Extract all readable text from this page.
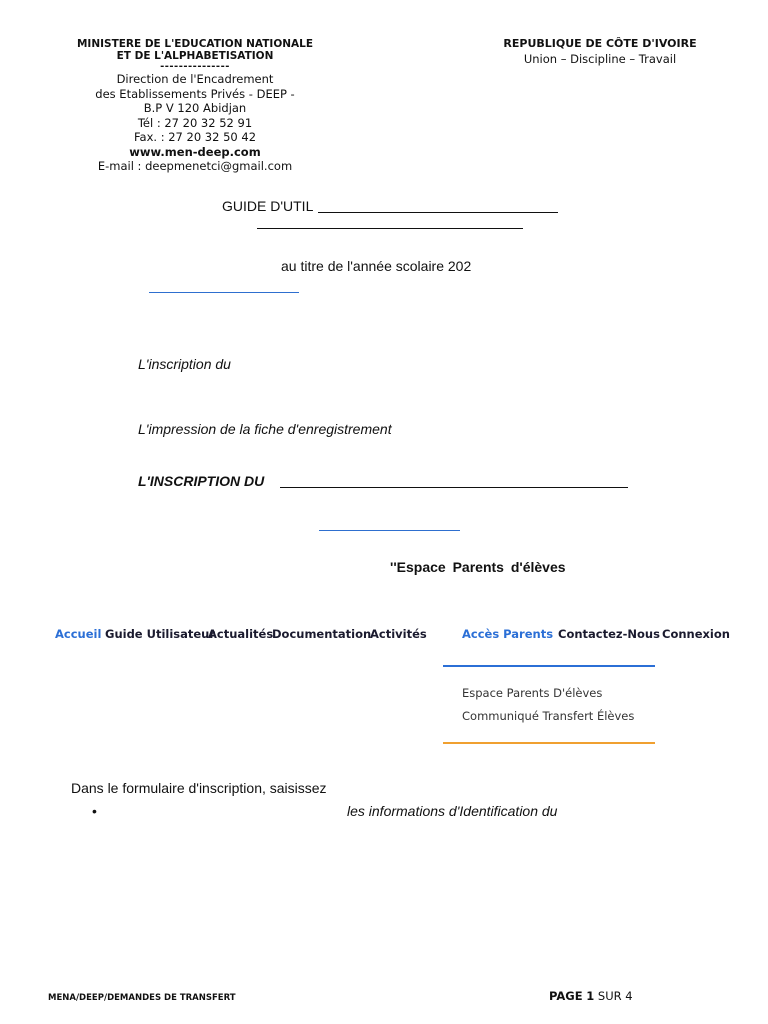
MINISTERE DE L'EDUCATION NATIONALE
ET DE L'ALPHABETISATION
---------------
Direction de l'Encadrement
des Etablissements Privés - DEEP -
B.P V 120 Abidjan
Tél : 27 20 32 52 91
Fax. : 27 20 32 50 42
www.men-deep.com
E-mail : deepmenetci@gmail.com
REPUBLIQUE DE CÔTE D'IVOIRE
Union – Discipline – Travail
GUIDE D'UTIL
au titre de l'année scolaire 202
L'inscription du
L'impression de la fiche d'enregistrement
L'INSCRIPTION DU
''Espace Parents d'élèves
Accueil Guide Utilisateur
Actualités
Documentation
Activités	Accès Parents Contactez-Nous Connexion
Espace Parents D'élèves
Communiqué Transfert Élèves
Dans le formulaire d'inscription, saisissez
•	les informations d'Identification du
MENA/DEEP/DEMANDES DE TRANSFERT	PAGE 1 SUR 4
